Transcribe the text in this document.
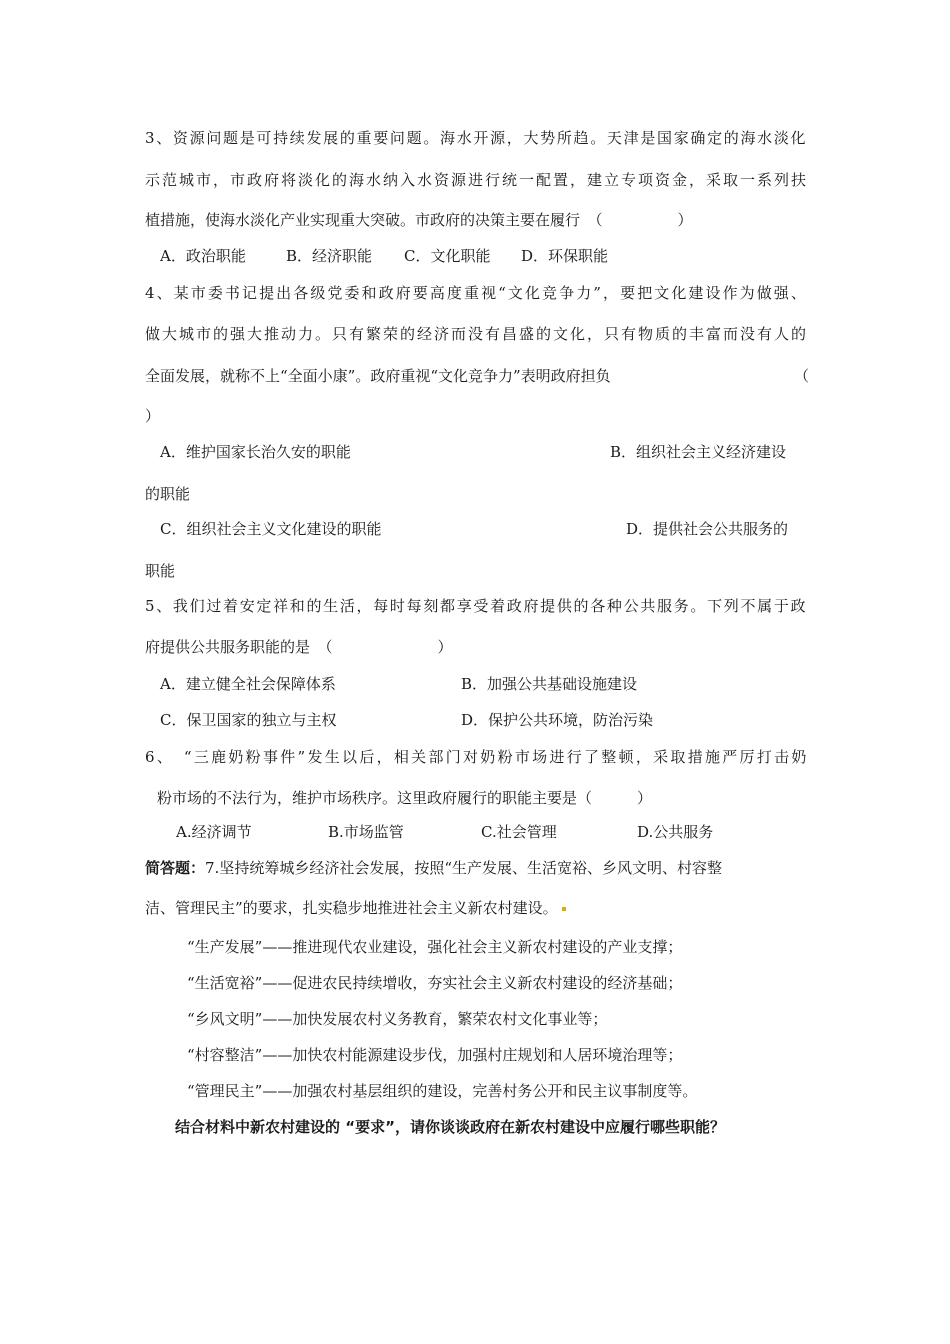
3、资源问题是可持续发展的重要问题。海水开源，大势所趋。天津是国家确定的海水淡化
示范城市，市政府将淡化的海水纳入水资源进行统一配置，建立专项资金，采取一系列扶
植措施，使海水淡化产业实现重大突破。市政府的决策主要在履行　（　　　　　）
A．政治职能	B．经济职能 C．文化职能 D．环保职能
4、某市委书记提出各级党委和政府要高度重视“文化竞争力”，要把文化建设作为做强、
做大城市的强大推动力。只有繁荣的经济而没有昌盛的文化，只有物质的丰富而没有人的
全面发展，就称不上“全面小康”。政府重视“文化竞争力”表明政府担负	（
）
A．维护国家长治久安的职能	B．组织社会主义经济建设
的职能
C．组织社会主义文化建设的职能	D．提供社会公共服务的
职能
5、我们过着安定祥和的生活，每时每刻都享受着政府提供的各种公共服务。下列不属于政
府提供公共服务职能的是　（　　　　　　　）
A．建立健全社会保障体系	B．加强公共基础设施建设
C．保卫国家的独立与主权	D．保护公共环境，防治污染
6、　“三鹿奶粉事件”发生以后，相关部门对奶粉市场进行了整顿，采取措施严厉打击奶
粉市场的不法行为，维护市场秩序。这里政府履行的职能主要是（　　　）
A.经济调节	B.市场监管	C.社会管理	D.公共服务
简答题：7.坚持统筹城乡经济社会发展，按照“生产发展、生活宽裕、乡风文明、村容整
洁、管理民主”的要求，扎实稳步地推进社会主义新农村建设。
“生产发展”——推进现代农业建设，强化社会主义新农村建设的产业支撑；
“生活宽裕”——促进农民持续增收，夯实社会主义新农村建设的经济基础；
“乡风文明”——加快发展农村义务教育，繁荣农村文化事业等；
“村容整洁”——加快农村能源建设步伐，加强村庄规划和人居环境治理等；
“管理民主”——加强农村基层组织的建设，完善村务公开和民主议事制度等。
结合材料中新农村建设的 “要求”，请你谈谈政府在新农村建设中应履行哪些职能？
